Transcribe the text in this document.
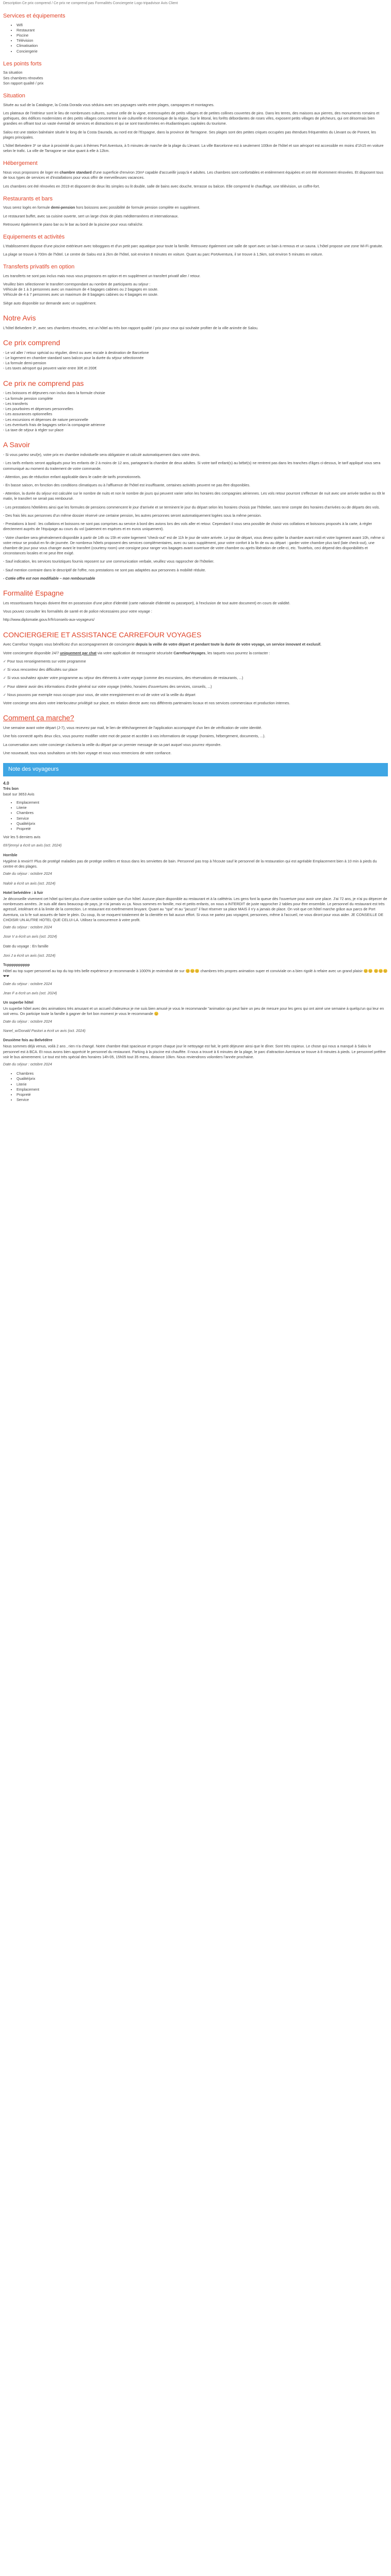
Description Ce prix comprend / Ce prix ne comprend pas Formalités Conciergerie Logo tripadvisor Avis Client
Services et équipements
• Wifi
• Restaurant
• Piscine
• Télévision
• Climatisation
• Conciergerie
Les points forts
Sa situation
Ses chambres rénovées
Son rapport qualité / prix
Situation

Située au sud de la Catalogne, la Costa Dorada vous séduira avec ses paysages variés entre plages, campagnes et montagnes.

Les plateaux de l'intérieur sont le lieu de nombreuses cultures, surtout celle de la vigne, entrecoupées de petits villages et de petites collines couvertes de pins. Dans les terres, des maisons aux pierres, des monuments romains et gothiques, des édifices modernistes et des petits villages concentrent la vie culturelle et économique de la région. Sur le littoral, les forêts débordantes de roses vifes, exposent petits villages de pêcheurs, qui ont désormais bien grandies en offrant tout un vaste éventail de services et distractions et qui se sont transformées en étudiantinques capitales du tourisme.

Salou est une station balnéaire située le long de la Costa Daurada, au nord est de l'Espagne, dans la province de Tarragone. Ses plages sont des petites criques occupées pas étendues fréquentées du Llevant ou de Ponent, les plages principales.

L'hôtel Belvedere 3* se situe à proximité du parc à thèmes Port Aventura, à 5 minutes de marche de la plage du Llevant. La ville Barcelonne est à seulement 100km de l'hôtel et son aéroport est accessible en moins d'1h15 en voiture selon le trafic. La ville de Tarragone se situe quant à elle à 12km.

Hébergement

Nous vous proposons de loger en chambre standard d'une superficie d'environ 20m² capable d'accueillir jusqu'à 4 adultes. Les chambres sont confortables et entièrement équipées et ont été récemment rénovées. Et disposent tous de tous types de services et d'installations pour vous offrir de merveilleuses vacances.

Les chambres ont été rénovées en 2019 et disposent de deux lits simples ou lit double, salle de bains avec douche, terrasse ou balcon. Elle comprend le chauffage, une télévision, un coffre-fort.

Restaurants et bars

Vous serez logés en formule demi-pension hors boissons avec possibilité de formule pension complète en supplément.

Le restaurant buffet, avec sa cuisine ouverte, sert un large choix de plats méditerranéens et internationaux.

Retrouvez également le piano bar ou le bar au bord de la piscine pour vous rafraîchir.

Equipements et activités

L'établissement dispose d'une piscine extérieure avec toboggans et d'un petit parc aquatique pour toute la famille. Retrouvez également une salle de sport avec un bain à remous et un sauna. L'hôtel propose une zone Wi-Fi gratuite.

La plage se trouve à 700m de l'hôtel. Le centre de Salou est à 2km de l'hôtel, soit environ 8 minutes en voiture. Quant au parc PortAventura, il se trouve à 1,5km, soit environ 5 minutes en voiture.

Transferts privatifs en option

Les transferts ne sont pas inclus mais nous vous proposons en option et en supplément un transfert privatif aller / retour.

Veuillez bien sélectionner le transfert correspondant au nombre de participants au séjour :
Véhicule de 1 à 3 personnes avec un maximum de 4 bagages cabines ou 2 bagages en soute.
Véhicule de 4 à 7 personnes avec un maximum de 8 bagages cabines ou 4 bagages en soute.

Siège auto disponible sur demande avec un supplément.

Notre Avis

L'hôtel Belvedere 3*, avec ses chambres rénovées, est un hôtel au très bon rapport qualité / prix pour ceux qui souhaite profiter de la ville animée de Salou.

Ce prix comprend
- Le vol aller / retour spécial ou régulier, direct ou avec escale à destination de Barcelone
- Le logement en chambre standard sans balcon pour la durée du séjour sélectionnée
- La formule demi-pension
- Les taxes aéroport qui peuvent varier entre 30€ et 200€
Ce prix ne comprend pas
- Les boissons et déjeuners non inclus dans la formule choisie
- La formule pension complète
- Les transferts
- Les pourboires et dépenses personnelles
- Les assurances optionnelles
- Les excursions et dépenses de nature personnelle
- Les éventuels frais de bagages selon la compagnie aérienne
- La taxe de séjour à régler sur place
A Savoir

- Si vous partez seul(e), votre prix en chambre individuelle sera obligatoire et calculé automatiquement dans votre devis.

- Les tarifs enfants seront appliqués pour les enfants de 2 à moins de 12 ans, partageant la chambre de deux adultes. Si votre tarif enfant(s) au bébé(s) ne rentrent pas dans les tranches d'âges ci-dessus, le tarif appliqué vous sera communiqué au moment du traitement de votre commande.

- Attention, pas de réduction enfant applicable dans le cadre de tarifs promotionnels.

- En basse saison, en fonction des conditions climatiques ou à l'affluence de l'hôtel est insuffisante, certaines activités peuvent ne pas être disponibles.

- Attention, la durée du séjour est calculée sur le nombre de nuits et non le nombre de jours qui peuvent varier selon les horaires des compagnies aériennes. Les vols retour pourront s'effectuer de nuit avec une arrivée tardive ou tôt le matin, le transfert ne serait pas remboursé.

- Les prestations hôtelières ainsi que les formules de pensions commencent le jour d'arrivée et se terminent le jour du départ selon les horaires choisis par l'hôtelier, sans tenir compte des horaires d'arrivées ou de départs des vols.

- Des frais liés aux personnes d'un même dossier réservé une certaine pension, les autres personnes seront automatiquement logées sous la même pension.

- Prestations à bord : les collations et boissons ne sont pas comprises au service à bord des avions lors des vols aller et retour. Cependant il vous sera possible de choisir vos collations et boissons proposés à la carte, à régler directement auprès de l'équipage au cours du vol (paiement en espèces et en euros uniquement).

- Votre chambre sera généralement disponible à partir de 14h ou 15h et votre logement "check-out" est de 11h le jour de votre arrivée. Le jour de départ, vous devez quitter la chambre avant midi et votre logement avant 10h, même si votre retour se produit en fin de journée. De nombreux hôtels proposent des services complémentaires, avec ou sans supplément, pour votre confort à la fin de ou au départ : garder votre chambre plus tard (late check-out), une chambre de jour pour vous changer avant le transfert (courtesy room) une consigne pour ranger vos bagages avant ouverture de votre chambre ou après libération de celle-ci, etc. Toutefois, ceci dépend des disponibilités et circonstances locales et ne peut être exigé.

- Sauf indication, les services touristiques fournis reposent sur une communication verbale, veuillez vous rapprocher de l'hôtelier.

- Sauf mention contraire dans le descriptif de l'offre, nos prestations ne sont pas adaptées aux personnes à mobilité réduite.

- Cotée offre est non modifiable – non remboursable

Formalité Espagne

Les ressortissants français doivent être en possession d'une pièce d'identité (carte nationale d'identité ou passeport), à l'exclusion de tout autre document) en cours de validité.

Vous pouvez consulter les formalités de santé et de police nécessaires pour votre voyage :

http://www.diplomatie.gouv.fr/fr/conseils-aux-voyageurs/

CONCIERGERIE ET ASSISTANCE CARREFOUR VOYAGES

Avec Carrefour Voyages vous bénéficiez d'un accompagnement de conciergerie depuis la veille de votre départ et pendant toute la durée de votre voyage, un service innovant et exclusif.

Votre conciergerie disponible 24/7 uniquement par chat via votre application de messagerie sécurisée CarrefourVoyages, les taquets vous pourrez la contacter :

✓ Pour tous renseignements sur votre programme

✓ Si vous rencontrez des difficultés sur place

✓ Si vous souhaitez ajouter votre programme au séjour des éléments à votre voyage (comme des excursions, des réservations de restaurants, ...)

✓ Pour obtenir avoir des informations d'ordre général sur votre voyage (météo, horaires d'ouvertures des services, conseils, ...)

✓ Nous pouvons par exemple nous occuper pour vous, de votre enregistrement en vol de votre vol la veille du départ

Votre concierge sera alors votre interlocuteur privilégié sur place, en relation directe avec nos différents partenaires locaux et nos services commerciaux et production internes.

Comment ça marche?

Une semaine avant votre départ (J-7), vous recevrez par mail, le lien de téléchargement de l'application accompagné d'un lien de vérification de votre identité.

Une fois connecté après deux clics, vous pourrez modifier votre mot de passe et accéder à vos informations de voyage (horaires, hébergement, documents, ...).

La conversation avec votre concierge s'activera la veille du départ par un premier message de sa part auquel vous pourrez répondre.

Une nouveauté, tous vous souhaitons un très bon voyage et nous vous remercions de votre confiance.

Note des voyageurs
4.0
Très bon

basé sur 3653 Avis

• Emplacement
• Literie
• Chambres
• Service
• Qualité/prix
• Propreté

Voir les 5 derniers avis

697jennyi a écrit un avis (oct. 2024)
Horrible
Hygiène à revoir!!! Plus de protégé maladies pas de protège oreillers et tissus dans les serviettes de bain. Personnel pas trop à l'écoute sauf le personnel de la restauration qui est agréable Emplacement bien à 10 min à pieds du centre et des plages.
Date du séjour : octobre 2024
Nalolr a écrit un avis (oct. 2024)
Hotel belvédère : à fuir
Je déconseille vivement cet hôtel qui tient plus d'une cantine scolaire que d'un hôtel. Aucune place disponible au restaurant et à la cafétéria. Les gens font la queue dès l'ouverture pour avoir une place. J'ai 72 ans, je n'ai pu dépecer de nombreuses années. Je suis allé dans beaucoup de pays, je n'ai jamais vu ça. Nous sommes en famille, moi et petits enfants, on nous a INTERDIT de juste rapprocher 2 tables pour être ensemble. Le personnel du restaurant est très agressif, intolérant et à la limite de la correction. Le restaurant est extrêmement bruyant. Quant au "spa" et au "jacuzzi" il faut réserver sa place MAIS il n'y a jamais de place. On voit que cet hôtel marche grâce aux parcs de Port Aventura, ca lo fe suit assurés de faire le plein. Du coup, ils se moquent totalement de la clientèle en fait aucun effort. Si vous ne partez pas voyagent, personnes, même à l'accueil, ne vous diront pour vous aider. JE CONSEILLE DE CHOISIR UN AUTRE HOTEL QUE CELUI-LA. Utilisez la concurrence à votre profit.
Date du séjour : octobre 2024
Jose V a écrit un avis (oct. 2024)
Date du voyage : En famille
Joni J a écrit un avis (oct. 2024)
Tcpppppppppp
Hôtel au top super personnel au top du top très belle expérience je recommande à 1000% je reviendrait de sur 😊😊😊 chambres très propres animation super et conviviale on a bien rigolé à refaire avec un grand plaisir 😊😊 😊😊😊❤❤
Date du séjour : octobre 2024
Jean F a écrit un avis (oct. 2024)
Un superbe hôtel
Un superbe hôtel avec des animations très amusant et un accueil chaleureux je me suis bien amusé je vous le recommande "animation qui peut faire un peu de mesure pour les gens qui ont aimé une semaine à quelqu'un qui leur en soit venu. On participe toute la famille à gagner de fort bon moment je vous le recommande 😊
Date du séjour : octobre 2024
Nanel_w/Donald Pastori a écrit un avis (oct. 2024)
Deuxième fois au Belvédère
Nous sommes déjà venus, voilà 2 ans , rien n'a changé. Notre chambre était spacieuse et propre chaque jour le nettoyage est fait, le petit déjeuner ainsi que le dîner. Sont très copieux. Le chose qui nous a manqué à Salou le personnel est à BCA. Et nous avons bien apprécié le personnel du restaurant. Parking à la piscine est chauffée. Il nous a trouvé à 6 minutes de la plage, le parc d'attraction Aventura se trouve à 8 minutes à pieds. Le personnel préfère voir le bus aimerement. Le tout est très spécial des horaires 14h-05, 15h05 tout 35 menu, distance 10km. Nous reviendrons volontiers l'année prochaine.
Date du séjour : octobre 2024
• Chambres
• Qualité/prix
• Literie
• Emplacement
• Propreté
• Service
